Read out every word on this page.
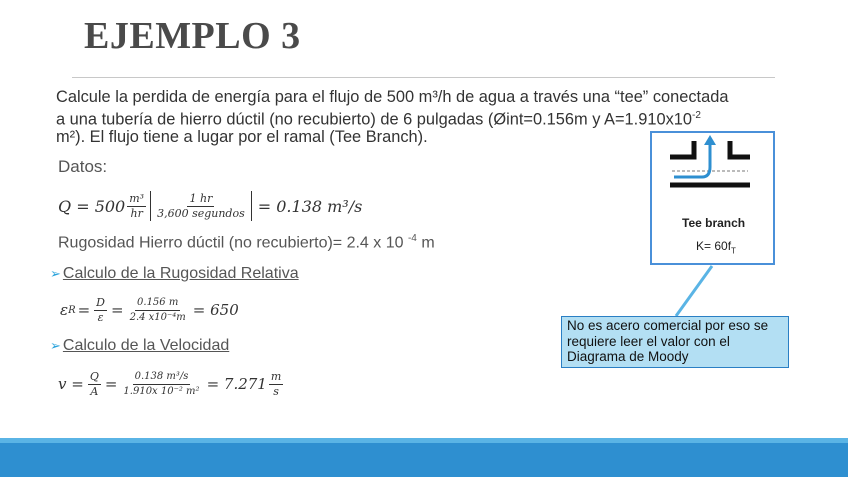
EJEMPLO 3
Calcule la perdida de energía para el flujo de 500 m³/h de agua a través una “tee” conectada
a una tubería de hierro dúctil (no recubierto) de 6 pulgadas (Øint=0.156m y $A=1.910x10^{-2}$
m²). El flujo tiene a lugar por el ramal (Tee Branch).
Datos:
$Q = 500 \frac{\text{m³}}{hr} \frac{1 hr}{\text{3,600 segundos}} = 0.138$ m³/s
Rugosidad Hierro dúctil (no recubierto)= 2.4 x 10 $^{-4}$ m
➢ Calculo de la Rugosidad Relativa
ε $R = \frac{D}{\varepsilon} = \frac{0.156 m}{\text{2.4 x10⁻⁴m}} = 650$
➢ Calculo de la Velocidad
$v = \frac{Q}{A} = \frac{\text{0.138 m³/s}}{\text{1.910x 10⁻² m²}} = 7.271 \frac{m}{s}$
Tee branch
$K= 60f_T$
No es acero comercial por eso se requiere leer el valor con el Diagrama de Moody
